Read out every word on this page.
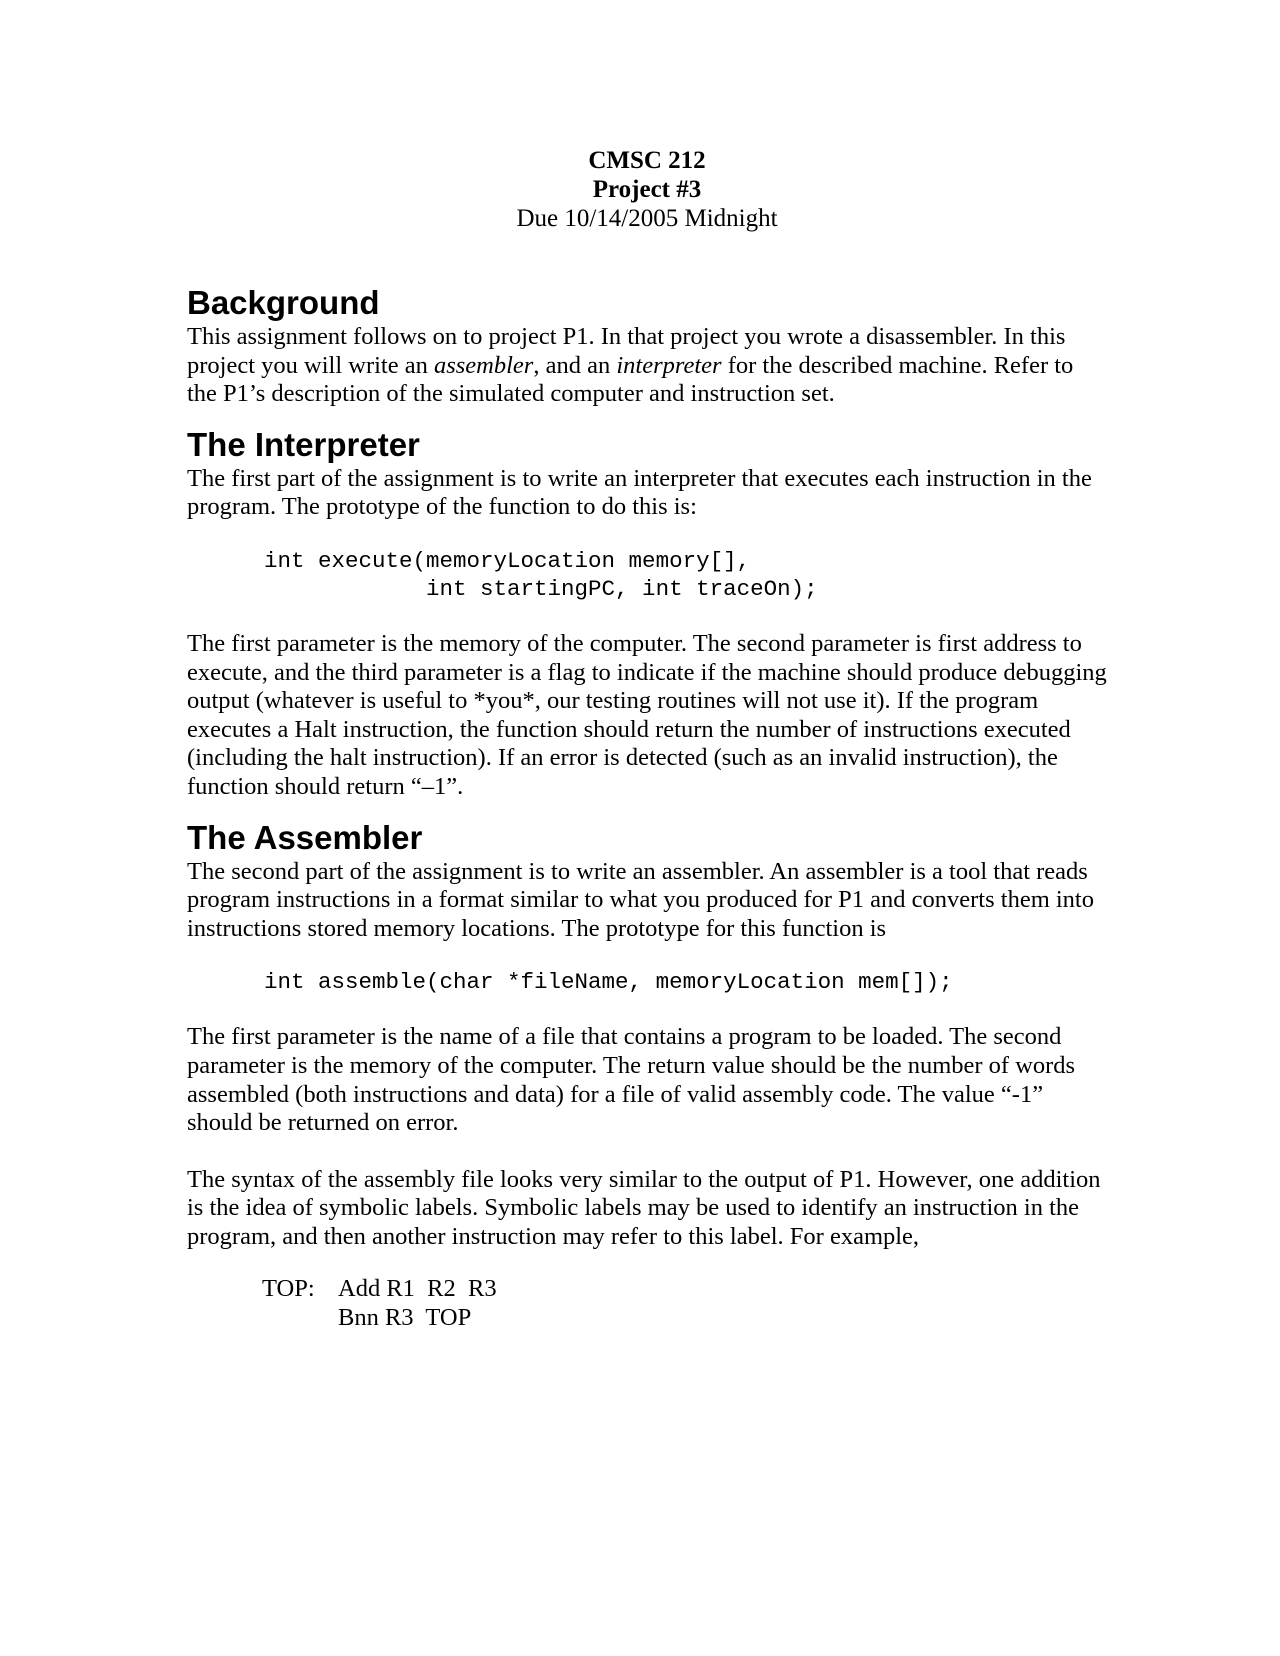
CMSC 212
Project #3
Due 10/14/2005 Midnight
Background

This assignment follows on to project P1. In that project you wrote a disassembler. In this project you will write an assembler, and an interpreter for the described machine. Refer to the P1’s description of the simulated computer and instruction set.

The Interpreter

The first part of the assignment is to write an interpreter that executes each instruction in the program. The prototype of the function to do this is:

int execute(memoryLocation memory[],
int startingPC, int traceOn);

The first parameter is the memory of the computer. The second parameter is first address to execute, and the third parameter is a flag to indicate if the machine should produce debugging output (whatever is useful to *you*, our testing routines will not use it). If the program executes a Halt instruction, the function should return the number of instructions executed (including the halt instruction). If an error is detected (such as an invalid instruction), the function should return “–1”.

The Assembler

The second part of the assignment is to write an assembler. An assembler is a tool that reads program instructions in a format similar to what you produced for P1 and converts them into instructions stored memory locations. The prototype for this function is

int assemble(char *fileName, memoryLocation mem[]);

The first parameter is the name of a file that contains a program to be loaded. The second parameter is the memory of the computer. The return value should be the number of words assembled (both instructions and data) for a file of valid assembly code. The value “-1” should be returned on error.

The syntax of the assembly file looks very similar to the output of P1. However, one addition is the idea of symbolic labels. Symbolic labels may be used to identify an instruction in the program, and then another instruction may refer to this label. For example,

TOP: Add R1  R2  R3
Bnn R3  TOP
